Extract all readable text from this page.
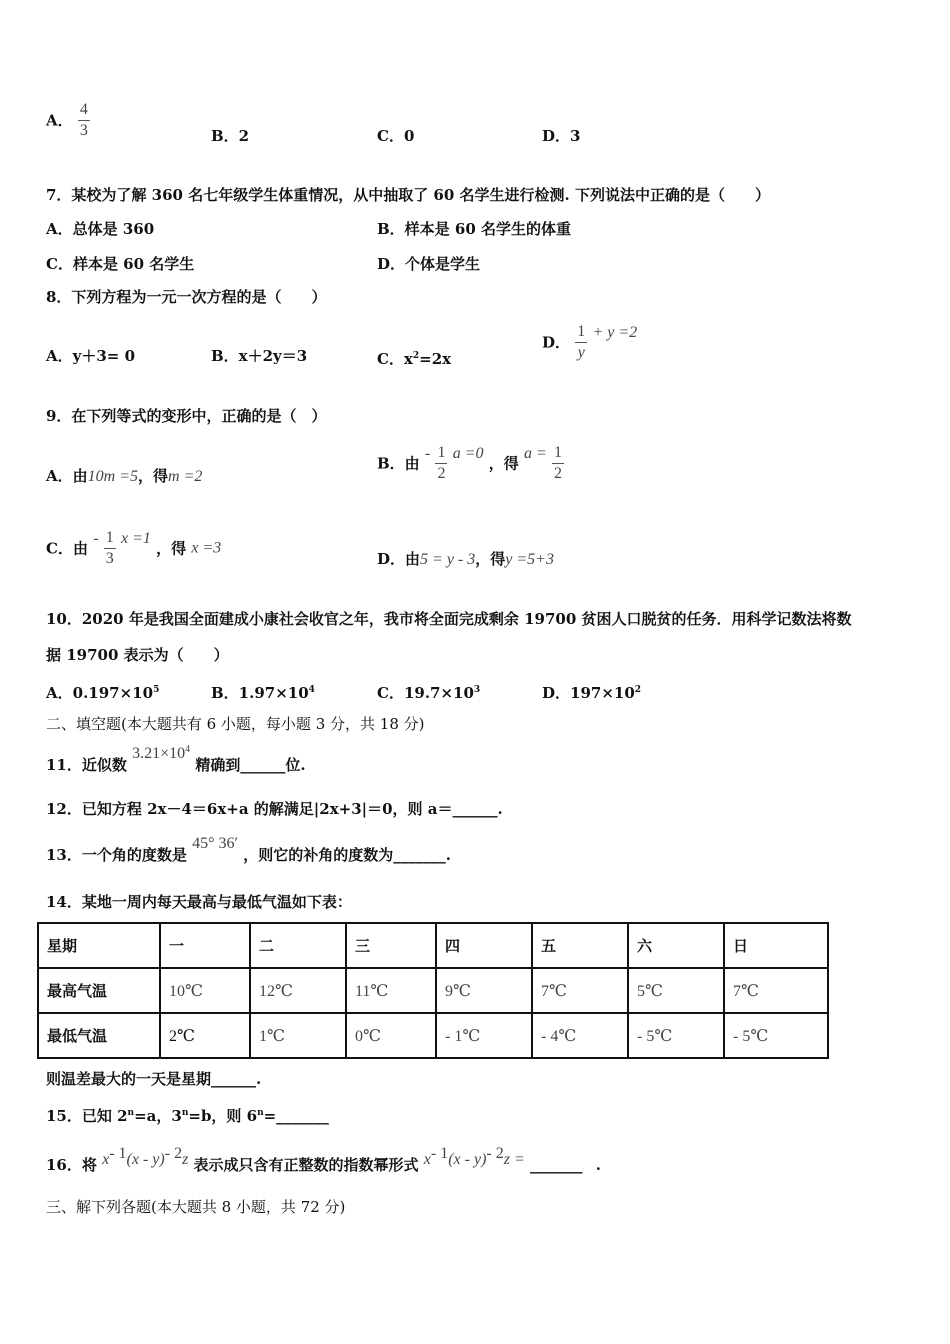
A． $\frac{4}{3}$	B．2	C．0	D．3
7．某校为了解 360 名七年级学生体重情况，从中抽取了 60 名学生进行检测. 下列说法中正确的是（　　）
A．总体是 360	B．样本是 60 名学生的体重
C．样本是 60 名学生	D．个体是学生
8．下列方程为一元一次方程的是（　　）
A．y＋3= 0	B．x＋2y＝3	C．$x^2=2x$
D． $\frac{1}{y} + y =2$
9．在下列等式的变形中，正确的是（　）
A．由10m =5，得m =2
B．由 - $\frac{1}{2}$ a =0 ，得 $a = \frac{1}{2}$
C．由 - $\frac{1}{3}$ x =1 ，得 x =3
D．由5 = y - 3，得y =5+3
10．2020 年是我国全面建成小康社会收官之年，我市将全面完成剩余 19700 贫困人口脱贫的任务．用科学记数法将数
据 19700 表示为（　　）
A．$0.197\times 10^5$	B．$1.97\times 10^4$	C．$19.7\times 10^3$	D．$197\times 10^2$
二、填空题(本大题共有 6 小题，每小题 3 分，共 18 分)
11．近似数 $3.21\times 10^4$ 精确到______位.
12．已知方程 2x－4＝6x+a 的解满足|2x+3|＝0，则 a＝______.
13．一个角的度数是 45° 36′ ，则它的补角的度数为_______.
14．某地一周内每天最高与最低气温如下表：
星期	一	二	三	四	五	六	日
最高气温	10℃	12℃	11℃	9℃	7℃	5℃	7℃
最低气温	2℃	1℃	0℃	- 1℃	- 4℃	- 5℃	- 5℃
则温差最大的一天是星期______.
15．已知 $2^n=a$，$3^n=b$，则 $6^n=\_\_\_\_\_\_\_$
16．将 $x^{- 1}(x - y)^{- 2}z$ 表示成只含有正整数的指数幂形式 $x^{- 1}(x - y)^{- 2}z$ = _______ .
三、解下列各题(本大题共 8 小题，共 72 分)
